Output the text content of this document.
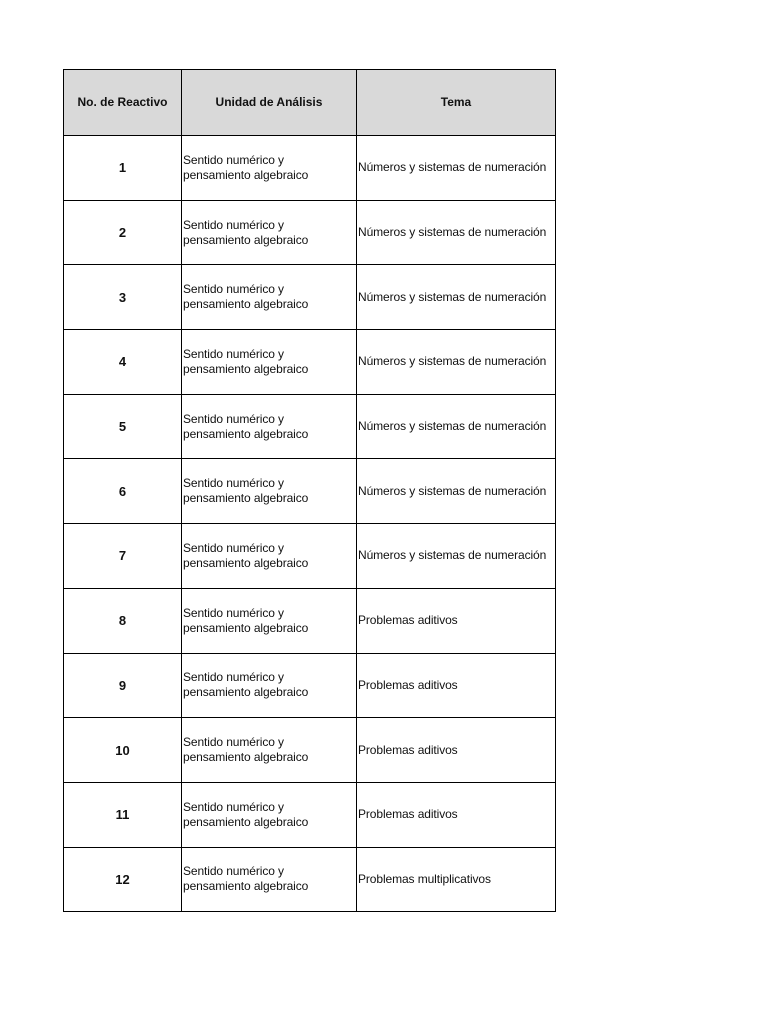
No. de Reactivo	Unidad de Análisis	Tema
1	Sentido numérico y pensamiento algebraico	Números y sistemas de numeración
2	Sentido numérico y pensamiento algebraico	Números y sistemas de numeración
3	Sentido numérico y pensamiento algebraico	Números y sistemas de numeración
4	Sentido numérico y pensamiento algebraico	Números y sistemas de numeración
5	Sentido numérico y pensamiento algebraico	Números y sistemas de numeración
6	Sentido numérico y pensamiento algebraico	Números y sistemas de numeración
7	Sentido numérico y pensamiento algebraico	Números y sistemas de numeración
8	Sentido numérico y pensamiento algebraico	Problemas aditivos
9	Sentido numérico y pensamiento algebraico	Problemas aditivos
10	Sentido numérico y pensamiento algebraico	Problemas aditivos
11	Sentido numérico y pensamiento algebraico	Problemas aditivos
12	Sentido numérico y pensamiento algebraico	Problemas multiplicativos
